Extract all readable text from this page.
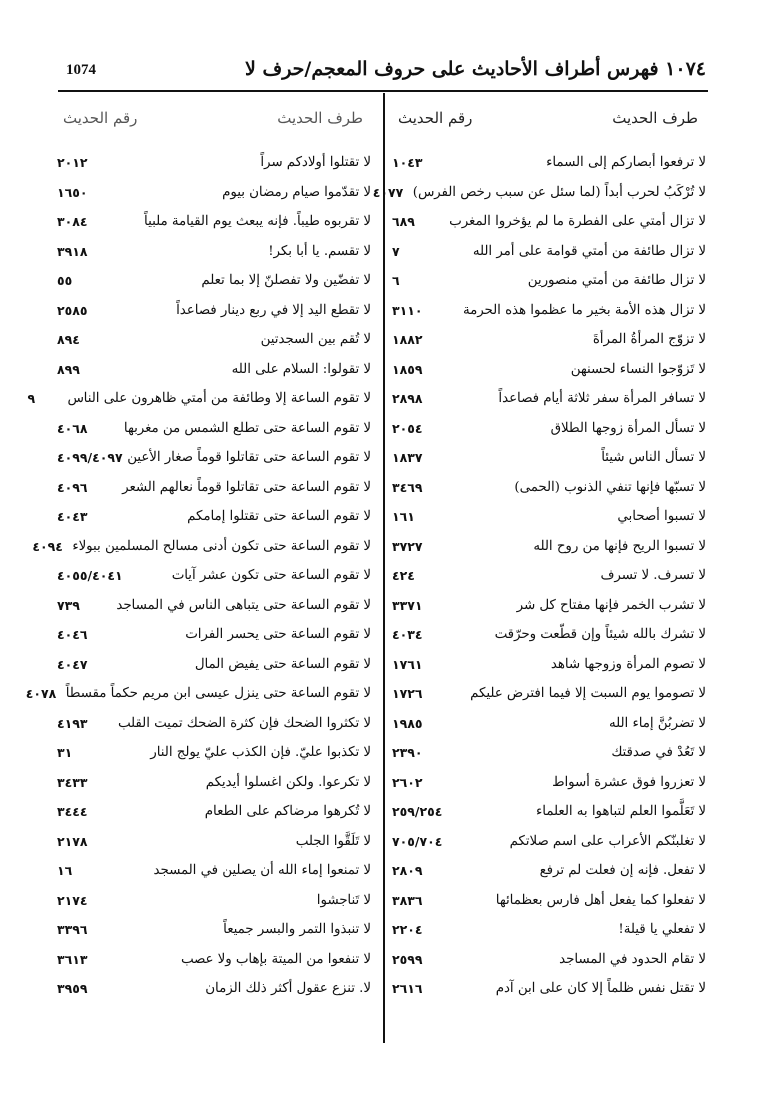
1074	١٠٧٤ فهرس أطراف الأحاديث على حروف المعجم/حرف لا
طرف الحديث
رقم الحديث
لا ترفعوا أبصاركم إلى السماء
١٠٤٣
لا تُرْكَبُ لحرب أبداً (لما سئل عن سبب رخص الفرس)
٤٠٧٧
لا تزال أمتي على الفطرة ما لم يؤخروا المغرب
٦٨٩
لا تزال طائفة من أمتي قوامة على أمر الله
٧
لا تزال طائفة من أمتي منصورين
٦
لا تزال هذه الأمة بخير ما عظموا هذه الحرمة
٣١١٠
لا تزوّج المرأةُ المرأةَ
١٨٨٢
لا تَزوّجوا النساء لحسنهن
١٨٥٩
لا تسافر المرأة سفر ثلاثة أيام فصاعداً
٢٨٩٨
لا تسأل المرأة زوجها الطلاق
٢٠٥٤
لا تسأل الناس شيئاً
١٨٣٧
لا تسبّها فإنها تنفي الذنوب (الحمى)
٣٤٦٩
لا تسبوا أصحابي
١٦١
لا تسبوا الريح فإنها من روح الله
٣٧٢٧
لا تسرف. لا تسرف
٤٢٤
لا تشرب الخمر فإنها مفتاح كل شر
٣٣٧١
لا تشرك بالله شيئاً وإن قطّعت وحرّقت
٤٠٣٤
لا تصوم المرأة وزوجها شاهد
١٧٦١
لا تصوموا يوم السبت إلا فيما افترض عليكم
١٧٢٦
لا تضربُنَّ إماء الله
١٩٨٥
لا تَعُدْ في صدقتك
٢٣٩٠
لا تعزروا فوق عشرة أسواط
٢٦٠٢
لا تَعَلَّموا العلم لتباهوا به العلماء
٢٥٩/٢٥٤
لا تغلبنّكم الأعراب على اسم صلاتكم
٧٠٥/٧٠٤
لا تفعل. فإنه إن فعلت لم ترفع
٢٨٠٩
لا تفعلوا كما يفعل أهل فارس بعظمائها
٣٨٣٦
لا تفعلي يا قيلة!
٢٢٠٤
لا تقام الحدود في المساجد
٢٥٩٩
لا تقتل نفس ظلماً إلا كان على ابن آدم
٢٦١٦
طرف الحديث
رقم الحديث
لا تقتلوا أولادكم سراً
٢٠١٢
لا تقدّموا صيام رمضان بيوم
١٦٥٠
لا تقربوه طيباً. فإنه يبعث يوم القيامة ملبياً
٣٠٨٤
لا تقسم. يا أبا بكر!
٣٩١٨
لا تفضّين ولا تفصلنّ إلا بما تعلم
٥٥
لا تقطع اليد إلا في ربع دينار فصاعداً
٢٥٨٥
لا تُقم بين السجدتين
٨٩٤
لا تقولوا: السلام على الله
٨٩٩
لا تقوم الساعة إلا وطائفة من أمتي ظاهرون على الناس
٩
لا تقوم الساعة حتى تطلع الشمس من مغربها
٤٠٦٨
لا تقوم الساعة حتى تقاتلوا قوماً صغار الأعين
٤٠٩٩/٤٠٩٧
لا تقوم الساعة حتى تقاتلوا قوماً نعالهم الشعر
٤٠٩٦
لا تقوم الساعة حتى تقتلوا إمامكم
٤٠٤٣
لا تقوم الساعة حتى تكون أدنى مسالح المسلمين ببولاء
٤٠٩٤
لا تقوم الساعة حتى تكون عشر آيات
٤٠٥٥/٤٠٤١
لا تقوم الساعة حتى يتباهى الناس في المساجد
٧٣٩
لا تقوم الساعة حتى يحسر الفرات
٤٠٤٦
لا تقوم الساعة حتى يفيض المال
٤٠٤٧
لا تقوم الساعة حتى ينزل عيسى ابن مريم حكماً مقسطاً
٤٠٧٨
لا تكثروا الضحك فإن كثرة الضحك تميت القلب
٤١٩٣
لا تكذبوا عليّ. فإن الكذب عليّ يولج النار
٣١
لا تكرعوا. ولكن اغسلوا أيديكم
٣٤٣٣
لا تُكرهوا مرضاكم على الطعام
٣٤٤٤
لا تَلَقَّوا الجلب
٢١٧٨
لا تمنعوا إماء الله أن يصلين في المسجد
١٦
لا تَناجشوا
٢١٧٤
لا تنبذوا التمر والبسر جميعاً
٣٣٩٦
لا تنفعوا من الميتة بإهاب ولا عصب
٣٦١٣
لا. تنزع عقول أكثر ذلك الزمان
٣٩٥٩
